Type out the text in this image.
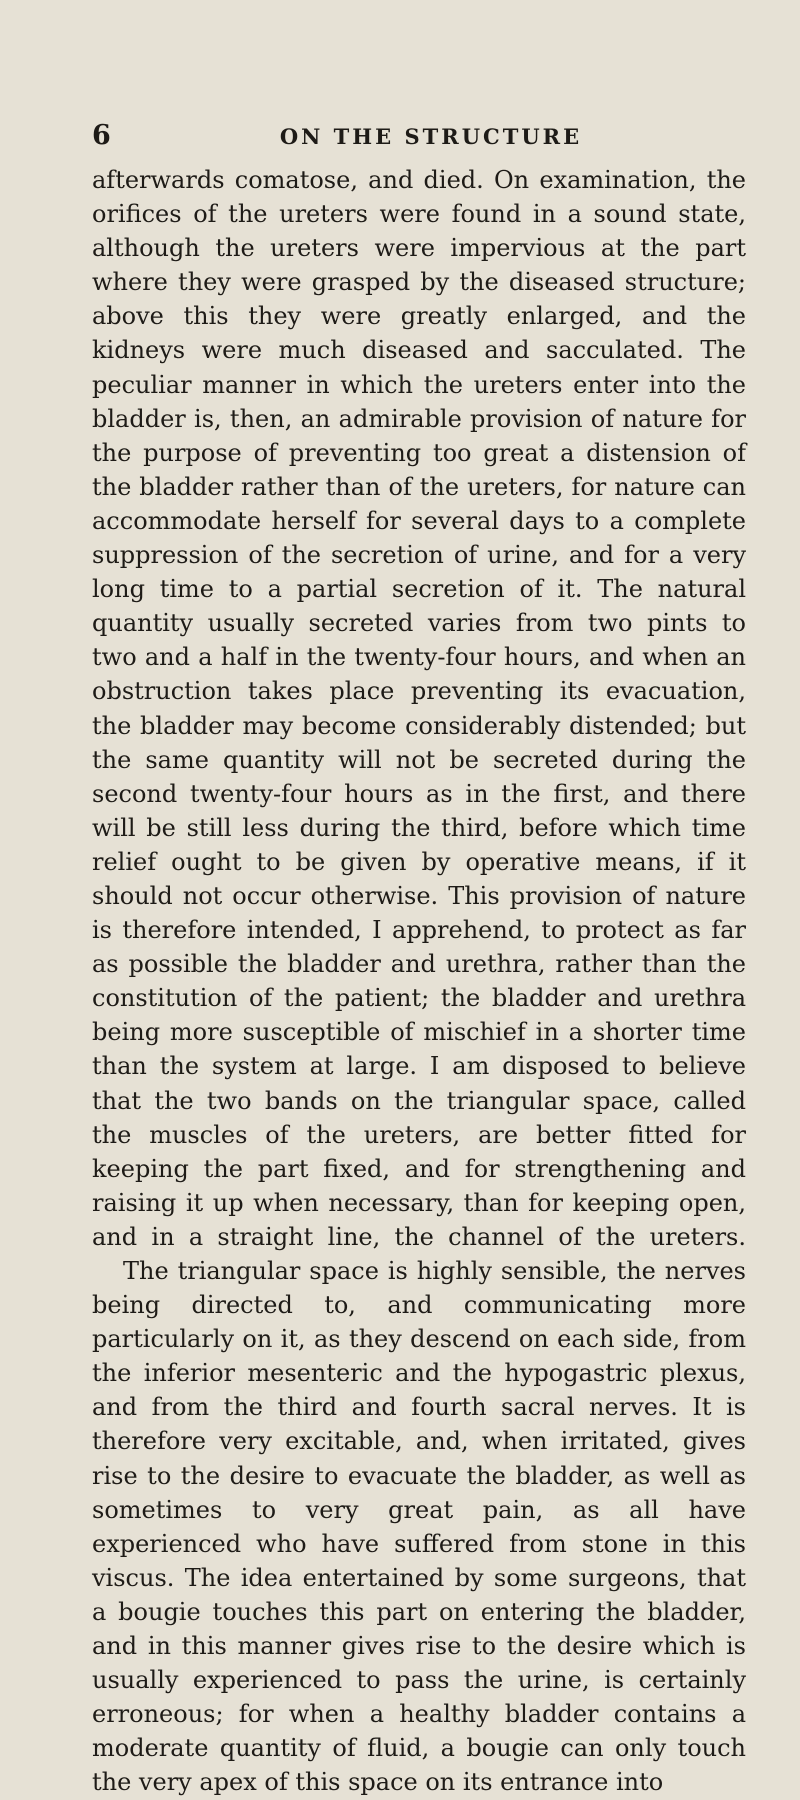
6	ON THE STRUCTURE

afterwards comatose, and died. On examination, the orifices of the ureters were found in a sound state, although the ureters were impervious at the part where they were grasped by the diseased structure; above this they were greatly enlarged, and the kidneys were much diseased and sacculated. The peculiar manner in which the ureters enter into the bladder is, then, an admirable provision of nature for the purpose of preventing too great a distension of the bladder rather than of the ureters, for nature can accommodate herself for several days to a complete suppression of the secretion of urine, and for a very long time to a partial secretion of it. The natural quantity usually secreted varies from two pints to two and a half in the twenty-four hours, and when an obstruction takes place preventing its evacuation, the bladder may become considerably distended; but the same quantity will not be secreted during the second twenty-four hours as in the first, and there will be still less during the third, before which time relief ought to be given by operative means, if it should not occur otherwise. This provision of nature is therefore intended, I apprehend, to protect as far as possible the bladder and urethra, rather than the constitution of the patient; the bladder and urethra being more susceptible of mischief in a shorter time than the system at large. I am disposed to believe that the two bands on the triangular space, called the muscles of the ureters, are better fitted for keeping the part fixed, and for strengthening and raising it up when necessary, than for keeping open, and in a straight line, the channel of the ureters.

The triangular space is highly sensible, the nerves being directed to, and communicating more particularly on it, as they descend on each side, from the inferior mesenteric and the hypogastric plexus, and from the third and fourth sacral nerves. It is therefore very excitable, and, when irritated, gives rise to the desire to evacuate the bladder, as well as sometimes to very great pain, as all have experienced who have suffered from stone in this viscus. The idea entertained by some surgeons, that a bougie touches this part on entering the bladder, and in this manner gives rise to the desire which is usually experienced to pass the urine, is certainly erroneous; for when a healthy bladder contains a moderate quantity of fluid, a bougie can only touch the very apex of this space on its entrance into
